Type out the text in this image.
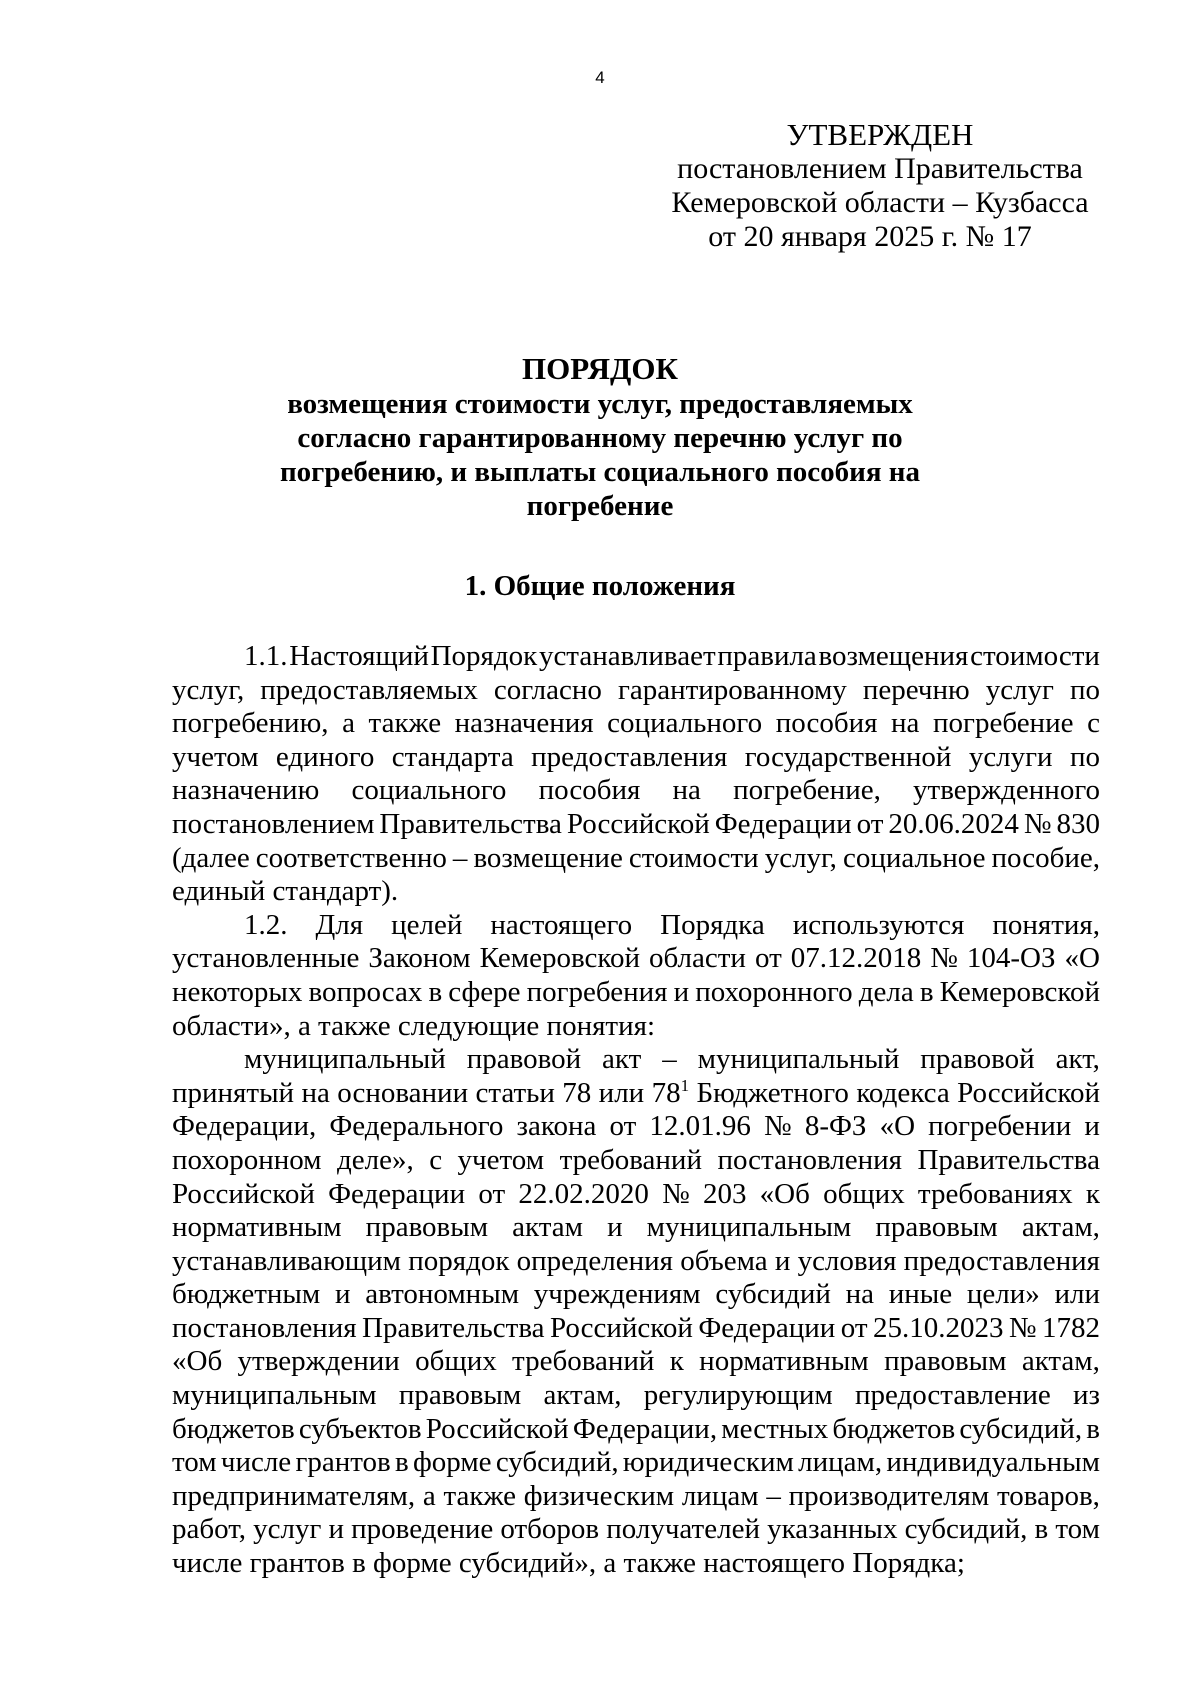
4
УТВЕРЖДЕН
постановлением Правительства
Кемеровской области – Кузбасса
от 20 января 2025 г. № 17
ПОРЯДОК
возмещения стоимости услуг, предоставляемых
согласно гарантированному перечню услуг по
погребению, и выплаты социального пособия на
погребение
1. Общие положения
1.1. Настоящий Порядок устанавливает правила возмещения стоимости
услуг, предоставляемых согласно гарантированному перечню услуг по
погребению, а также назначения социального пособия на погребение с
учетом единого стандарта предоставления государственной услуги по
назначению социального пособия на погребение, утвержденного
постановлением Правительства Российской Федерации от 20.06.2024 № 830
(далее соответственно – возмещение стоимости услуг, социальное пособие,
единый стандарт).
1.2. Для целей настоящего Порядка используются понятия,
установленные Законом Кемеровской области от 07.12.2018 № 104-ОЗ «О
некоторых вопросах в сфере погребения и похоронного дела в Кемеровской
области», а также следующие понятия:
муниципальный правовой акт – муниципальный правовой акт,
принятый на основании статьи 78 или $78^1$ Бюджетного кодекса Российской
Федерации, Федерального закона от 12.01.96 № 8-ФЗ «О погребении и
похоронном деле», с учетом требований постановления Правительства
Российской Федерации от 22.02.2020 № 203 «Об общих требованиях к
нормативным правовым актам и муниципальным правовым актам,
устанавливающим порядок определения объема и условия предоставления
бюджетным и автономным учреждениям субсидий на иные цели» или
постановления Правительства Российской Федерации от 25.10.2023 № 1782
«Об утверждении общих требований к нормативным правовым актам,
муниципальным правовым актам, регулирующим предоставление из
бюджетов субъектов Российской Федерации, местных бюджетов субсидий, в
том числе грантов в форме субсидий, юридическим лицам, индивидуальным
предпринимателям, а также физическим лицам – производителям товаров,
работ, услуг и проведение отборов получателей указанных субсидий, в том
числе грантов в форме субсидий», а также настоящего Порядка;
